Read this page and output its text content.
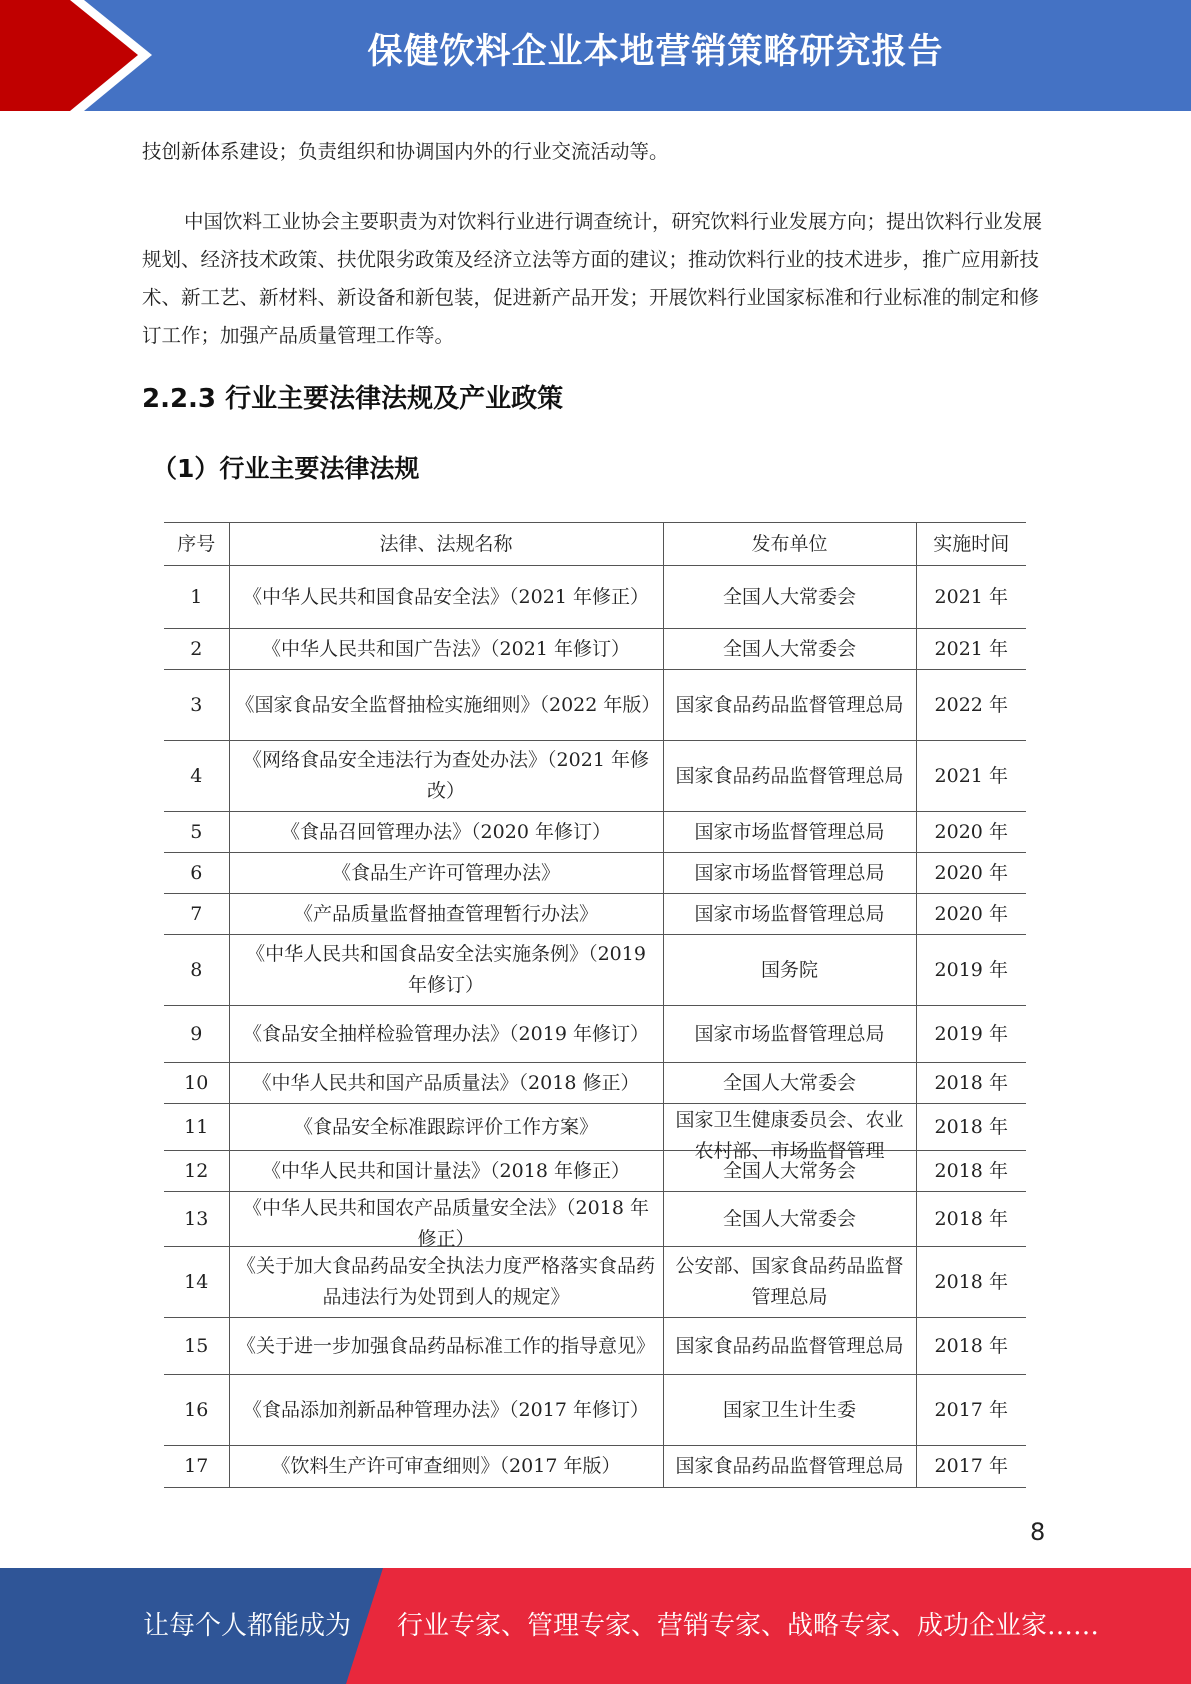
保健饮料企业本地营销策略研究报告

技创新体系建设；负责组织和协调国内外的行业交流活动等。

中国饮料工业协会主要职责为对饮料行业进行调查统计，研究饮料行业发展方向；提出饮料行业发展规划、经济技术政策、扶优限劣政策及经济立法等方面的建议；推动饮料行业的技术进步，推广应用新技术、新工艺、新材料、新设备和新包装，促进新产品开发；开展饮料行业国家标准和行业标准的制定和修订工作；加强产品质量管理工作等。

2.2.3 行业主要法律法规及产业政策
（1）行业主要法律法规
序号	法律、法规名称	发布单位	实施时间

1	《中华人民共和国食品安全法》（2021 年修正）	全国人大常委会	2021 年

2	《中华人民共和国广告法》（2021 年修订）	全国人大常委会	2021 年

3	《国家食品安全监督抽检实施细则》（2022 年版）	国家食品药品监督管理总局	2022 年

4	《网络食品安全违法行为查处办法》（2021 年修改）	国家食品药品监督管理总局	2021 年

5	《食品召回管理办法》（2020 年修订）	国家市场监督管理总局	2020 年

6	《食品生产许可管理办法》	国家市场监督管理总局	2020 年

7	《产品质量监督抽查管理暂行办法》	国家市场监督管理总局	2020 年

8	《中华人民共和国食品安全法实施条例》（2019 年修订）	国务院	2019 年

9	《食品安全抽样检验管理办法》（2019 年修订）	国家市场监督管理总局	2019 年

10	《中华人民共和国产品质量法》（2018 修正）	全国人大常委会	2018 年

11	《食品安全标准跟踪评价工作方案》	国家卫生健康委员会、农业农村部、市场监督管理	2018 年

12	《中华人民共和国计量法》（2018 年修正）	全国人大常务会	2018 年

13	《中华人民共和国农产品质量安全法》（2018 年修正）	全国人大常委会	2018 年

14	《关于加大食品药品安全执法力度严格落实食品药品违法行为处罚到人的规定》	公安部、国家食品药品监督管理总局	2018 年

15	《关于进一步加强食品药品标准工作的指导意见》	国家食品药品监督管理总局	2018 年

16	《食品添加剂新品种管理办法》（2017 年修订）	国家卫生计生委	2017 年

17	《饮料生产许可审查细则》（2017 年版）	国家食品药品监督管理总局	2017 年
8
让每个人都能成为 行业专家、管理专家、营销专家、战略专家、成功企业家……
